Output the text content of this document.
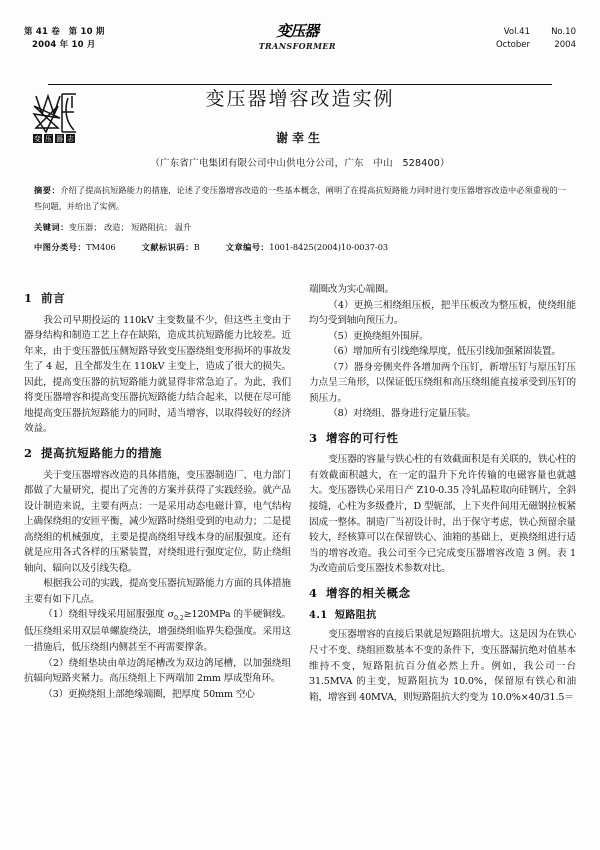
第 41 卷　第 10 期
2004 年 10 月
变压器
TRANSFORMER
Vol.41	No.10
October	2004
变 压 器 志
变压器增容改造实例
谢幸生
（广东省广电集团有限公司中山供电分公司，广东　中山　528400）
摘要：介绍了提高抗短路能力的措施，论述了变压器增容改造的一些基本概念，阐明了在提高抗短路能力同时进行变压器增容改造中必须重视的一些问题，并给出了实例。
关键词：变压器； 改造； 短路阻抗； 温升
中图分类号：TM406	文献标识码：B	文章编号：1001-8425(2004)10-0037-03
1 前言

我公司早期投运的 110kV 主变数量不少，但这些主变由于器身结构和制造工艺上存在缺陷，造成其抗短路能力比较差。近年来，由于变压器低压侧短路导致变压器绕组变形损坏的事故发生了 4 起，且全都发生在 110kV 主变上，造成了很大的损失。因此，提高变压器的抗短路能力就显得非常急迫了。为此，我们将变压器增容和提高变压器抗短路能力结合起来，以便在尽可能地提高变压器抗短路能力的同时，适当增容，以取得较好的经济效益。

2 提高抗短路能力的措施

关于变压器增容改造的具体措施，变压器制造厂、电力部门都做了大量研究，提出了完善的方案并获得了实践经验。就产品设计制造来说，主要有两点：一是采用动态电磁计算，电气结构上确保绕组的安匝平衡，减少短路时绕组受到的电动力；二是提高绕组的机械强度，主要是提高绕组导线本身的屈服强度。还有就是应用各式各样的压紧装置，对绕组进行强度定位，防止绕组轴向、辐向以及引线失稳。

根据我公司的实践，提高变压器抗短路能力方面的具体措施主要有如下几点。

（1）绕组导线采用屈服强度 $\sigma_{0.2}\ge 120MPa$ 的半硬铜线。低压绕组采用双层单螺旋绕法，增强绕组临界失稳强度。采用这一措施后，低压绕组内侧甚至不再需要撑条。

（2）绕组垫块由单边鸽尾槽改为双边鸽尾槽，以加强绕组抗辐向短路夹紧力。高压绕组上下两端加 2mm 厚成型角环。

（3）更换绕组上部绝缘端圈，把厚度 50mm 空心

端圈改为实心端圈。

（4）更换三相绕组压板，把半压板改为整压板，使绕组能均匀受到轴向预压力。

（5）更换绕组外围屏。

（6）增加所有引线绝缘厚度，低压引线加强紧固装置。

（7）器身旁侧夹件各增加两个压钉，新增压钉与原压钉压力点呈三角形，以保证低压绕组和高压绕组能直接承受到压钉的预压力。

（8）对绕组、器身进行定量压装。

3 增容的可行性

变压器的容量与铁心柱的有效截面积是有关联的，铁心柱的有效截面积越大，在一定的温升下允许传输的电磁容量也就越大。变压器铁心采用日产 Z10-0.35 冷轧晶粒取向硅钢片，全斜接缝，心柱为多级叠片，D 型轭部，上下夹件间用无磁钢拉板紧固成一整体。制造厂当初设计时，出于保守考虑，铁心预留余量较大，经核算可以在保留铁心、油箱的基础上，更换绕组进行适当的增容改造。我公司至今已完成变压器增容改造 3 例。表 1 为改造前后变压器技术参数对比。

4 增容的相关概念
4.1 短路阻抗

变压器增容的直接后果就是短路阻抗增大。这是因为在铁心尺寸不变、绕组匝数基本不变的条件下，变压器漏抗绝对值基本维持不变，短路阻抗百分值必然上升。例如，我公司一台 31.5MVA 的主变，短路阻抗为 10.0%，保留原有铁心和油箱，增容到 40MVA，则短路阻抗大约变为 10.0%×40/31.5＝
